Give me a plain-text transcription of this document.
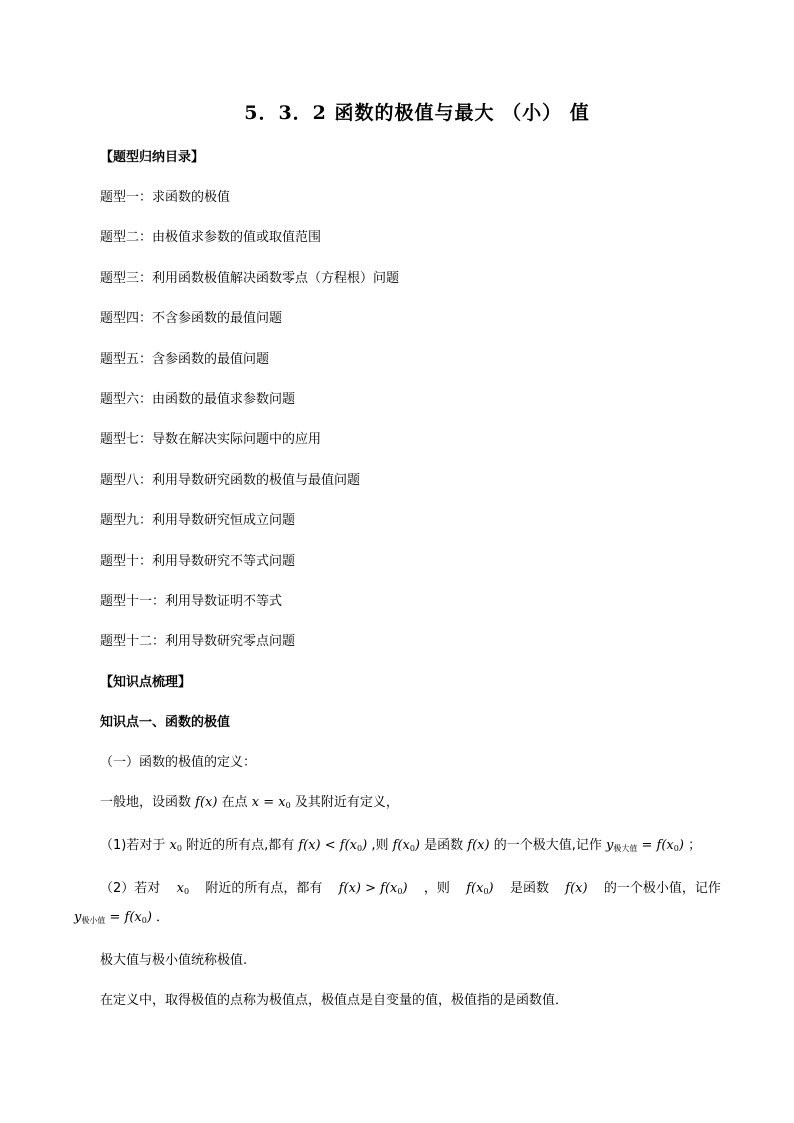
5．3．2 函数的极值与最大 （小） 值

【题型归纳目录】

题型一：求函数的极值
题型二：由极值求参数的值或取值范围
题型三：利用函数极值解决函数零点（方程根）问题
题型四：不含参函数的最值问题
题型五：含参函数的最值问题
题型六：由函数的最值求参数问题
题型七：导数在解决实际问题中的应用
题型八：利用导数研究函数的极值与最值问题
题型九：利用导数研究恒成立问题
题型十：利用导数研究不等式问题
题型十一：利用导数证明不等式
题型十二：利用导数研究零点问题

【知识点梳理】

知识点一、函数的极值

（一）函数的极值的定义：

一般地，设函数 f(x) 在点 $x = x_0$ 及其附近有定义，

（1)若对于 $x_0$ 附近的所有点,都有 $f(x) < f(x_0)$ ,则 $f(x_0)$ 是函数 f(x) 的一个极大值,记作 $y_{极大值} = f(x_0)$ ；

（2）若对 $x_0$ 附近的所有点，都有 $f(x) > f(x_0)$ ，则 $f(x_0)$ 是函数 f(x) 的一个极小值，记作
$y_{极小值} = f(x_0)$ ．

极大值与极小值统称极值.

在定义中，取得极值的点称为极值点，极值点是自变量的值，极值指的是函数值．
